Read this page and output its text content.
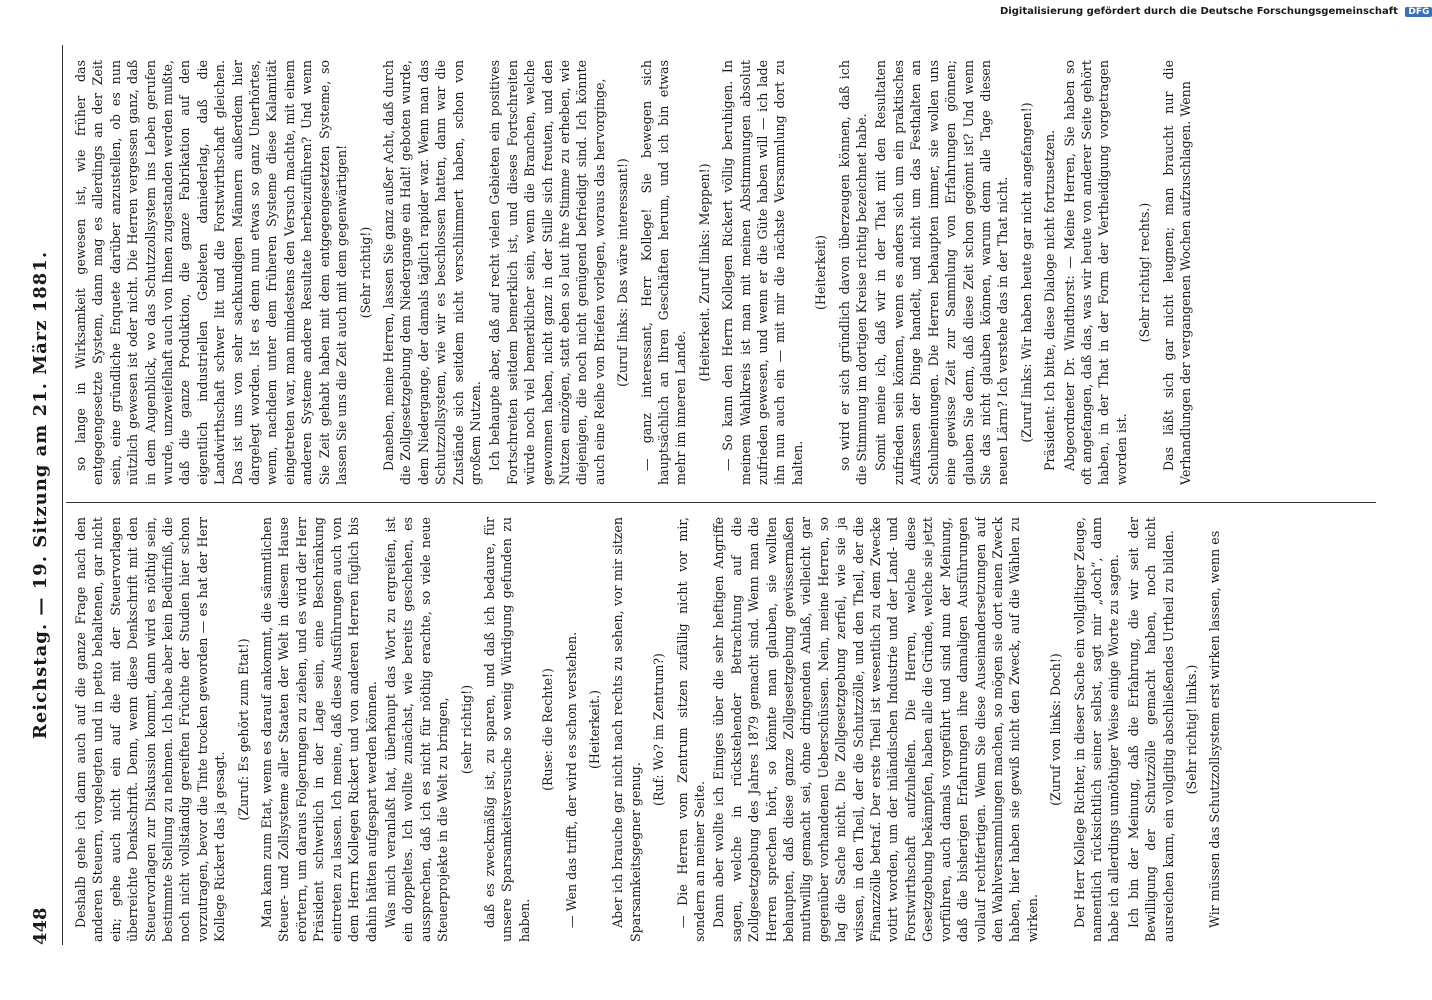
448
Reichstag. — 19. Sitzung am 21. März 1881. Deshalb gehe ich dann auch auf die ganze Frage nach den anderen Steuern, vorgelegten und in petto behaltenen, gar nicht ein; gehe auch nicht ein auf die mit der Steuervorlagen überreichte Denkschrift. Denn, wenn diese Denkschrift mit den Steuervorlagen zur Diskussion kommt, dann wird es nöthig sein, bestimmte Stellung zu nehmen. Ich habe aber kein Bedürfniß, die noch nicht vollständig gereiften Früchte der Studien hier schon vorzutragen, bevor die Tinte trocken geworden — es hat der Herr Kollege Rickert das ja gesagt.

(Zuruf: Es gehört zum Etat!) Man kann zum Etat, wenn es darauf ankommt, die sämmtlichen Steuer- und Zollsysteme aller Staaten der Welt in diesem Hause erörtern, um daraus Folgerungen zu ziehen, und es wird der Herr Präsident schwerlich in der Lage sein, eine Beschränkung eintreten zu lassen. Ich meine, daß diese Ausführungen auch von dem Herrn Kollegen Rickert und von anderen Herren füglich bis dahin hätten aufgespart werden können. Was mich veranlaßt hat, überhaupt das Wort zu ergreifen, ist ein doppeltes. Ich wollte zunächst, wie bereits geschehen, es aussprechen, daß ich es nicht für nöthig erachte, so viele neue Steuerprojekte in die Welt zu bringen, (sehr richtig!) daß es zweckmäßig ist, zu sparen, und daß ich bedaure, für unsere Sparsamkeitsversuche so wenig Würdigung gefunden zu haben.

(Ruse: die Rechte!) — Wen das trifft, der wird es schon verstehen. (Heiterkeit.) Aber ich brauche gar nicht nach rechts zu sehen, vor mir sitzen Sparsamkeitsgegner genug.

(Ruf: Wo? im Zentrum?) — Die Herren vom Zentrum sitzen zufällig nicht vor mir, sondern an meiner Seite. Dann aber wollte ich Einiges über die sehr heftigen Angriffe sagen, welche in rückstehender Betrachtung auf die Zollgesetzgebung des Jahres 1879 gemacht sind. Wenn man die Herren sprechen hört, so könnte man glauben, sie wollten behaupten, daß diese ganze Zollgesetzgebung gewissermaßen muthwillig gemacht sei, ohne dringenden Anlaß, vielleicht gar gegenüber vorhandenen Ueberschüssen. Nein, meine Herren, so lag die Sache nicht. Die Zollgesetzgebung zerfiel, wie sie ja wissen, in den Theil, der die Schutzzölle, und den Theil, der die Finanzzölle betraf. Der erste Theil ist wesentlich zu dem Zwecke votirt worden, um der inländischen Industrie und der Land- und Forstwirthschaft aufzuhelfen. Die Herren, welche diese Gesetzgebung bekämpfen, haben alle die Gründe, welche sie jetzt vorführen, auch damals vorgeführt und sind nun der Meinung, daß die bisherigen Erfahrungen ihre damaligen Ausführungen vollauf rechtfertigen. Wenn Sie diese Auseinandersetzungen auf den Wahlversammlungen machen, so mögen sie dort einen Zweck haben, hier haben sie gewiß nicht den Zweck, auf die Wählen zu wirken.

(Zuruf von links: Doch!) Der Herr Kollege Richter, in dieser Sache ein vollgiltiger Zeuge, namentlich rücksichtlich seiner selbst, sagt mir „doch“, dann habe ich allerdings unnöthiger Weise einige Worte zu sagen. Ich bin der Meinung, daß die Erfahrung, die wir seit der Bewilligung der Schutzzölle gemacht haben, noch nicht ausreichen kann, ein vollgiltig abschließendes Urtheil zu bilden. (Sehr richtig! links.) Wir müssen das Schutzzollsystem erst wirken lassen, wenn es

so lange in Wirksamkeit gewesen ist, wie früher das entgegengesetzte System, dann mag es allerdings an der Zeit sein, eine gründliche Enquete darüber anzustellen, ob es nun nützlich gewesen ist oder nicht. Die Herren vergessen ganz, daß in dem Augenblick, wo das Schutzzollsystem ins Leben gerufen wurde, unzweifelhaft auch von Ihnen zugestanden werden mußte, daß die ganze Produktion, die ganze Fabrikation auf den eigentlich industriellen Gebieten daniederlag, daß die Landwirthschaft schwer litt und die Forstwirthschaft gleichen. Das ist uns von sehr sachkundigen Männern außerdem hier dargelegt worden. Ist es denn nun etwas so ganz Unerhörtes, wenn, nachdem unter dem früheren Systeme diese Kalamität eingetreten war, man mindestens den Versuch machte, mit einem anderen Systeme andere Resultate herbeizuführen? Und wenn Sie Zeit gehabt haben mit dem entgegengesetzten Systeme, so lassen Sie uns die Zeit auch mit dem gegenwärtigen! (Sehr richtig!) Daneben, meine Herren, lassen Sie ganz außer Acht, daß durch die Zollgesetzgebung dem Niedergange ein Halt! geboten wurde, dem Niedergange, der damals täglich rapider war. Wenn man das Schutzzollsystem, wie wir es beschlossen hatten, dann war die Zustände sich seitdem nicht verschlimmert haben, schon von großem Nutzen. Ich behaupte aber, daß auf recht vielen Gebieten ein positives Fortschreiten seitdem bemerklich ist, und dieses Fortschreiten würde noch viel bemerklicher sein, wenn die Branchen, welche gewonnen haben, nicht ganz in der Stille sich freuten, und den Nutzen einzögen, statt eben so laut ihre Stimme zu erheben, wie diejenigen, die noch nicht genügend befriedigt sind. Ich könnte auch eine Reihe von Briefen vorlegen, woraus das hervorginge, (Zuruf links: Das wäre interessant!) — ganz interessant, Herr Kollege! Sie bewegen sich hauptsächlich an Ihren Geschäften herum, und ich bin etwas mehr im inneren Lande.

(Heiterkeit. Zuruf links: Meppen!) — So kann den Herrn Kollegen Rickert völlig beruhigen. In meinem Wahlkreis ist man mit meinen Abstimmungen absolut zufrieden gewesen, und wenn er die Güte haben will — ich lade ihn nun auch ein — mit mir die nächste Versammlung dort zu halten.

(Heiterkeit) so wird er sich gründlich davon überzeugen können, daß ich die Stimmung im dortigen Kreise richtig bezeichnet habe. Somit meine ich, daß wir in der That mit den Resultaten zufrieden sein können, wenn es anders sich um ein praktisches Auffassen der Dinge handelt, und nicht um das Festhalten an Schulmeinungen. Die Herren behaupten immer, sie wollen uns eine gewisse Zeit zur Sammlung von Erfahrungen gönnen; glauben Sie denn, daß diese Zeit schon gegönnt ist? Und wenn Sie das nicht glauben können, warum denn alle Tage diesen neuen Lärm? Ich verstehe das in der That nicht. (Zuruf links: Wir haben heute gar nicht angefangen!) Präsident: Ich bitte, diese Dialoge nicht fortzusetzen. Abgeordneter Dr. Windthorst: — Meine Herren, Sie haben so oft angefangen, daß das, was wir heute von anderer Seite gehört haben, in der That in der Form der Vertheidigung vorgetragen worden ist.

(Sehr richtig! rechts.) Das läßt sich gar nicht leugnen; man braucht nur die Verhandlungen der vergangenen Wochen aufzuschlagen. Wenn

Digitalisierung gefördert durch die Deutsche Forschungsgemeinschaft DFG
